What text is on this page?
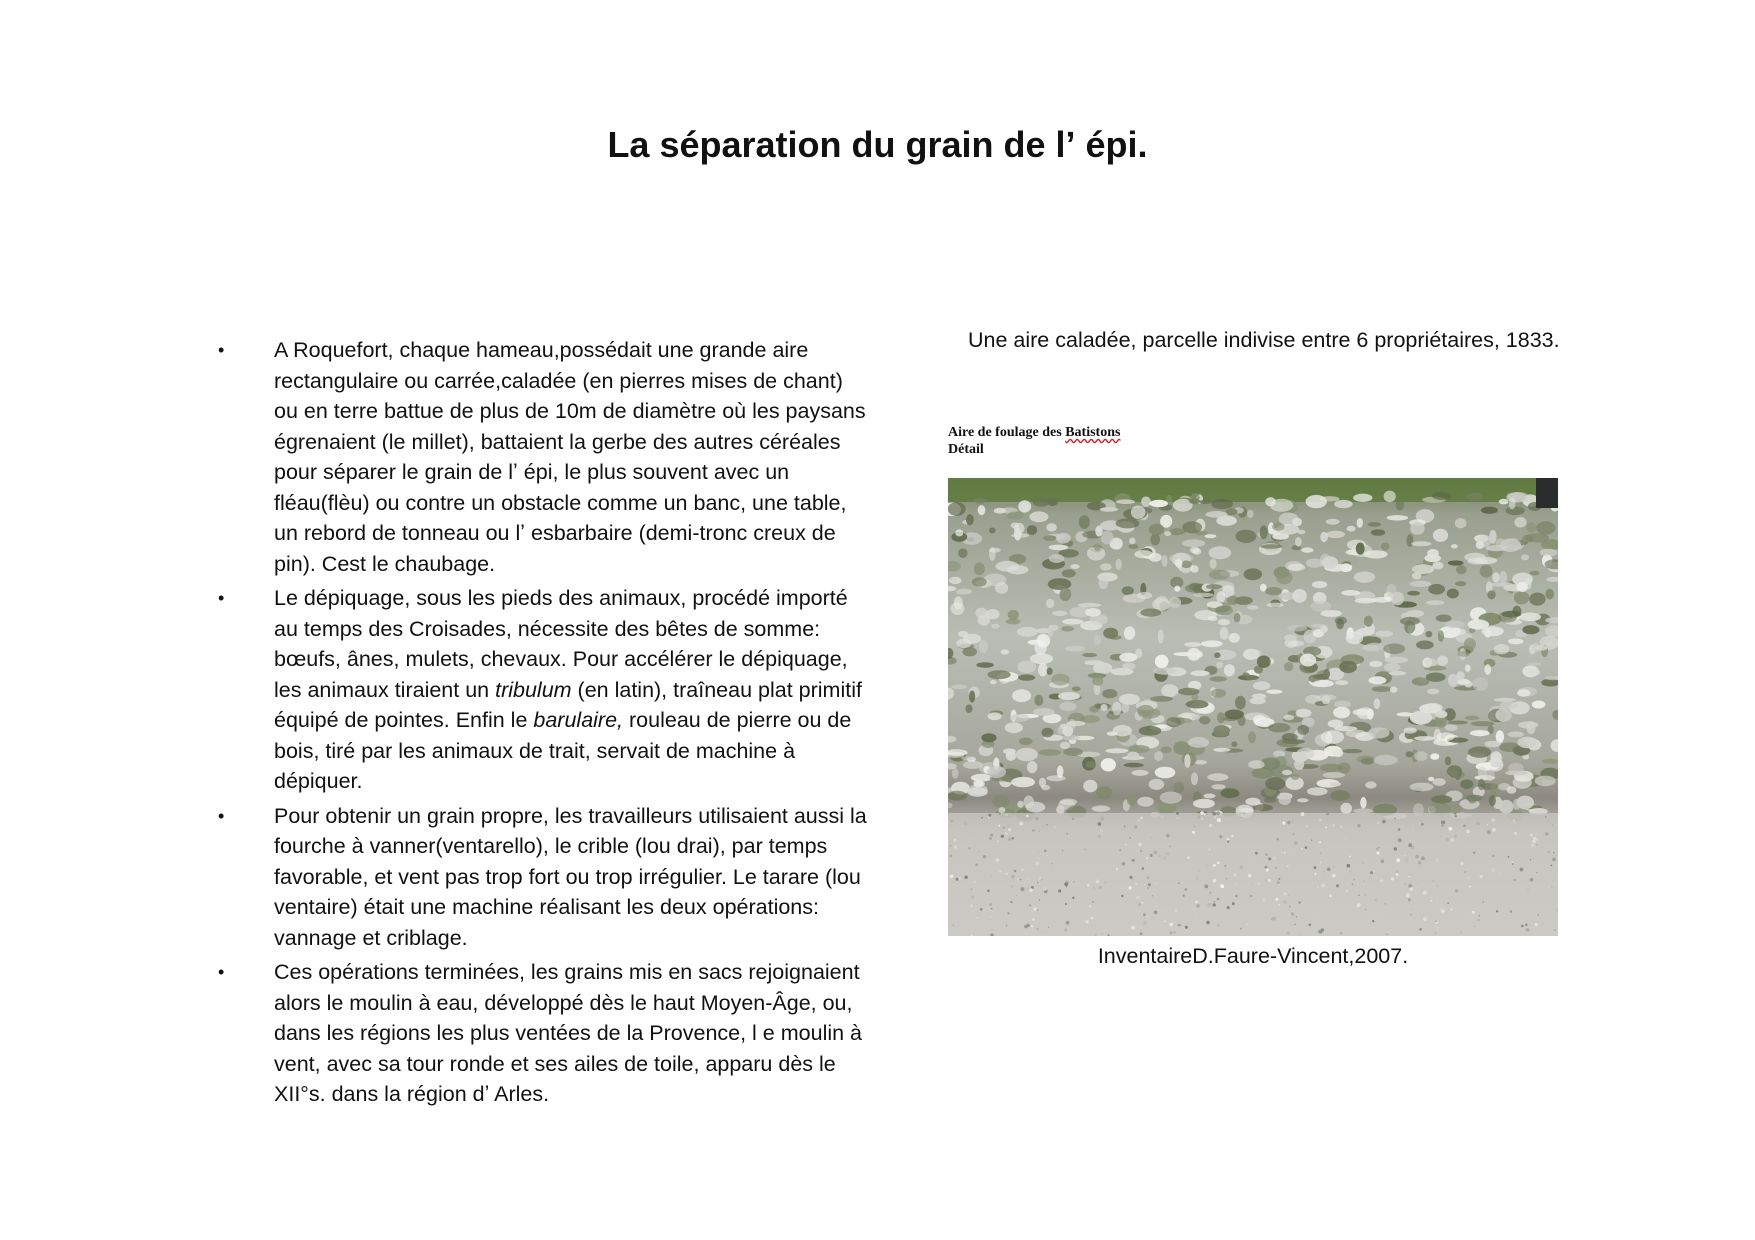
La séparation du grain de lʼ épi.
• A Roquefort, chaque hameau,possédait une grande aire rectangulaire ou carrée,caladée (en pierres mises de chant) ou en terre battue de plus de 10m de diamètre où les paysans égrenaient (le millet), battaient la gerbe des autres céréales pour séparer le grain de lʼ épi, le plus souvent avec un fléau(flèu) ou contre un obstacle comme un banc, une table, un rebord de tonneau ou lʼ esbarbaire (demi-tronc creux de pin). Cest le chaubage.
• Le dépiquage, sous les pieds des animaux, procédé importé au temps des Croisades, nécessite des bêtes de somme: bœufs, ânes, mulets, chevaux. Pour accélérer le dépiquage, les animaux tiraient un tribulum (en latin), traîneau plat primitif équipé de pointes. Enfin le barulaire, rouleau de pierre ou de bois, tiré par les animaux de trait, servait de machine à dépiquer.
• Pour obtenir un grain propre, les travailleurs utilisaient aussi la fourche à vanner(ventarello), le crible (lou drai), par temps favorable, et vent pas trop fort ou trop irrégulier. Le tarare (lou ventaire) était une machine réalisant les deux opérations: vannage et criblage.
• Ces opérations terminées, les grains mis en sacs rejoignaient alors le moulin à eau, développé dès le haut Moyen-Âge, ou, dans les régions les plus ventées de la Provence, l e moulin à vent, avec sa tour ronde et ses ailes de toile, apparu dès le XII°s. dans la région dʼ Arles.

Une aire caladée, parcelle indivise entre 6 propriétaires, 1833.

Aire de foulage des Batistons
Détail
InventaireD.Faure-Vincent,2007.
